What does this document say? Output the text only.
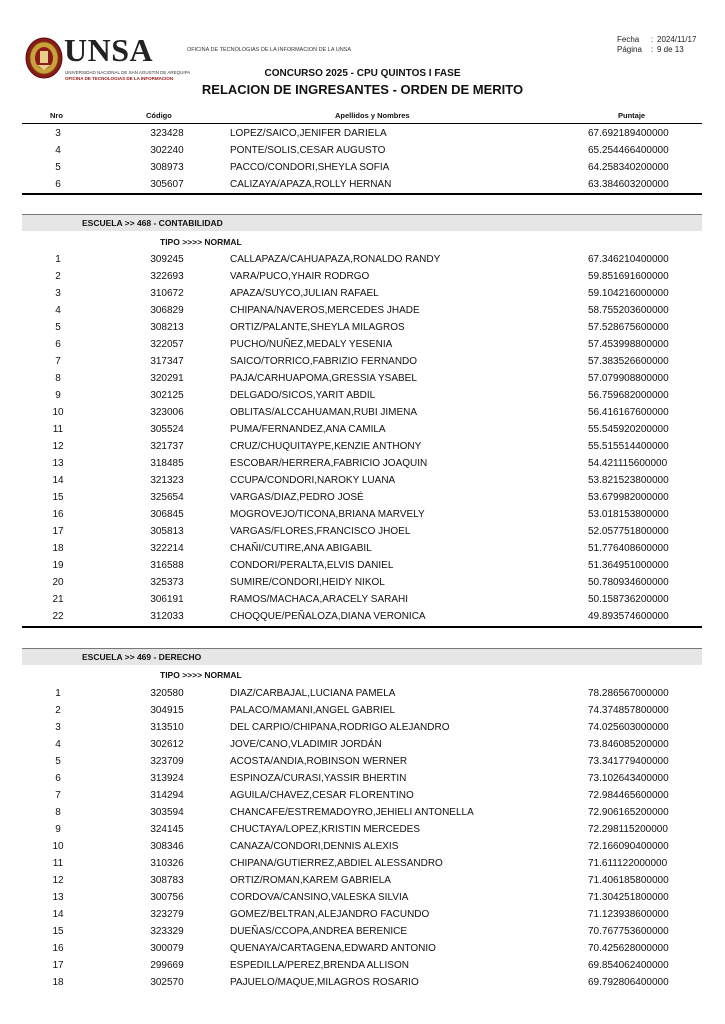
UNSA
UNIVERSIDAD NACIONAL DE SAN AGUSTIN DE AREQUIPA
OFICINA DE TECNOLOGIAS DE LA INFORMACION
OFICINA DE TECNOLOGIAS DE LA INFORMACION DE LA UNSA
Fecha : 2024/11/17
Página : 9 de 13
CONCURSO 2025 - CPU QUINTOS I FASE
RELACION DE INGRESANTES - ORDEN DE MERITO
Nro	Código	Apellidos y Nombres	Puntaje
3	323428	LOPEZ/SAICO,JENIFER DARIELA	67.692189400000
4	302240	PONTE/SOLIS,CESAR AUGUSTO	65.254466400000
5	308973	PACCO/CONDORI,SHEYLA SOFIA	64.258340200000
6	305607	CALIZAYA/APAZA,ROLLY HERNAN	63.384603200000
ESCUELA >> 468 - CONTABILIDAD
TIPO >>>> NORMAL
1	309245	CALLAPAZA/CAHUAPAZA,RONALDO RANDY	67.346210400000
2	322693	VARA/PUCO,YHAIR RODRGO	59.851691600000
3	310672	APAZA/SUYCO,JULIAN RAFAEL	59.104216000000
4	306829	CHIPANA/NAVEROS,MERCEDES JHADE	58.755203600000
5	308213	ORTIZ/PALANTE,SHEYLA MILAGROS	57.528675600000
6	322057	PUCHO/NUÑEZ,MEDALY YESENIA	57.453998800000
7	317347	SAICO/TORRICO,FABRIZIO FERNANDO	57.383526600000
8	320291	PAJA/CARHUAPOMA,GRESSIA YSABEL	57.079908800000
9	302125	DELGADO/SICOS,YARIT ABDIL	56.759682000000
10	323006	OBLITAS/ALCCAHUAMAN,RUBI JIMENA	56.416167600000
11	305524	PUMA/FERNANDEZ,ANA CAMILA	55.545920200000
12	321737	CRUZ/CHUQUITAYPE,KENZIE ANTHONY	55.515514400000
13	318485	ESCOBAR/HERRERA,FABRICIO JOAQUIN	54.421115600000
14	321323	CCUPA/CONDORI,NAROKY LUANA	53.821523800000
15	325654	VARGAS/DIAZ,PEDRO JOSÉ	53.679982000000
16	306845	MOGROVEJO/TICONA,BRIANA MARVELY	53.018153800000
17	305813	VARGAS/FLORES,FRANCISCO JHOEL	52.057751800000
18	322214	CHAÑI/CUTIRE,ANA ABIGABIL	51.776408600000
19	316588	CONDORI/PERALTA,ELVIS DANIEL	51.364951000000
20	325373	SUMIRE/CONDORI,HEIDY NIKOL	50.780934600000
21	306191	RAMOS/MACHACA,ARACELY SARAHI	50.158736200000
22	312033	CHOQQUE/PEÑALOZA,DIANA VERONICA	49.893574600000
ESCUELA >> 469 - DERECHO
TIPO >>>> NORMAL
1	320580	DIAZ/CARBAJAL,LUCIANA PAMELA	78.286567000000
2	304915	PALACO/MAMANI,ANGEL GABRIEL	74.374857800000
3	313510	DEL CARPIO/CHIPANA,RODRIGO ALEJANDRO	74.025603000000
4	302612	JOVE/CANO,VLADIMIR JORDÁN	73.846085200000
5	323709	ACOSTA/ANDIA,ROBINSON WERNER	73.341779400000
6	313924	ESPINOZA/CURASI,YASSIR BHERTIN	73.102643400000
7	314294	AGUILA/CHAVEZ,CESAR FLORENTINO	72.984465600000
8	303594	CHANCAFE/ESTREMADOYRO,JEHIELI ANTONELLA	72.906165200000
9	324145	CHUCTAYA/LOPEZ,KRISTIN MERCEDES	72.298115200000
10	308346	CANAZA/CONDORI,DENNIS ALEXIS	72.166090400000
11	310326	CHIPANA/GUTIERREZ,ABDIEL ALESSANDRO	71.611122000000
12	308783	ORTIZ/ROMAN,KAREM GABRIELA	71.406185800000
13	300756	CORDOVA/CANSINO,VALESKA SILVIA	71.304251800000
14	323279	GOMEZ/BELTRAN,ALEJANDRO FACUNDO	71.123938600000
15	323329	DUEÑAS/CCOPA,ANDREA BERENICE	70.767753600000
16	300079	QUENAYA/CARTAGENA,EDWARD ANTONIO	70.425628000000
17	299669	ESPEDILLA/PEREZ,BRENDA ALLISON	69.854062400000
18	302570	PAJUELO/MAQUE,MILAGROS ROSARIO	69.792806400000
